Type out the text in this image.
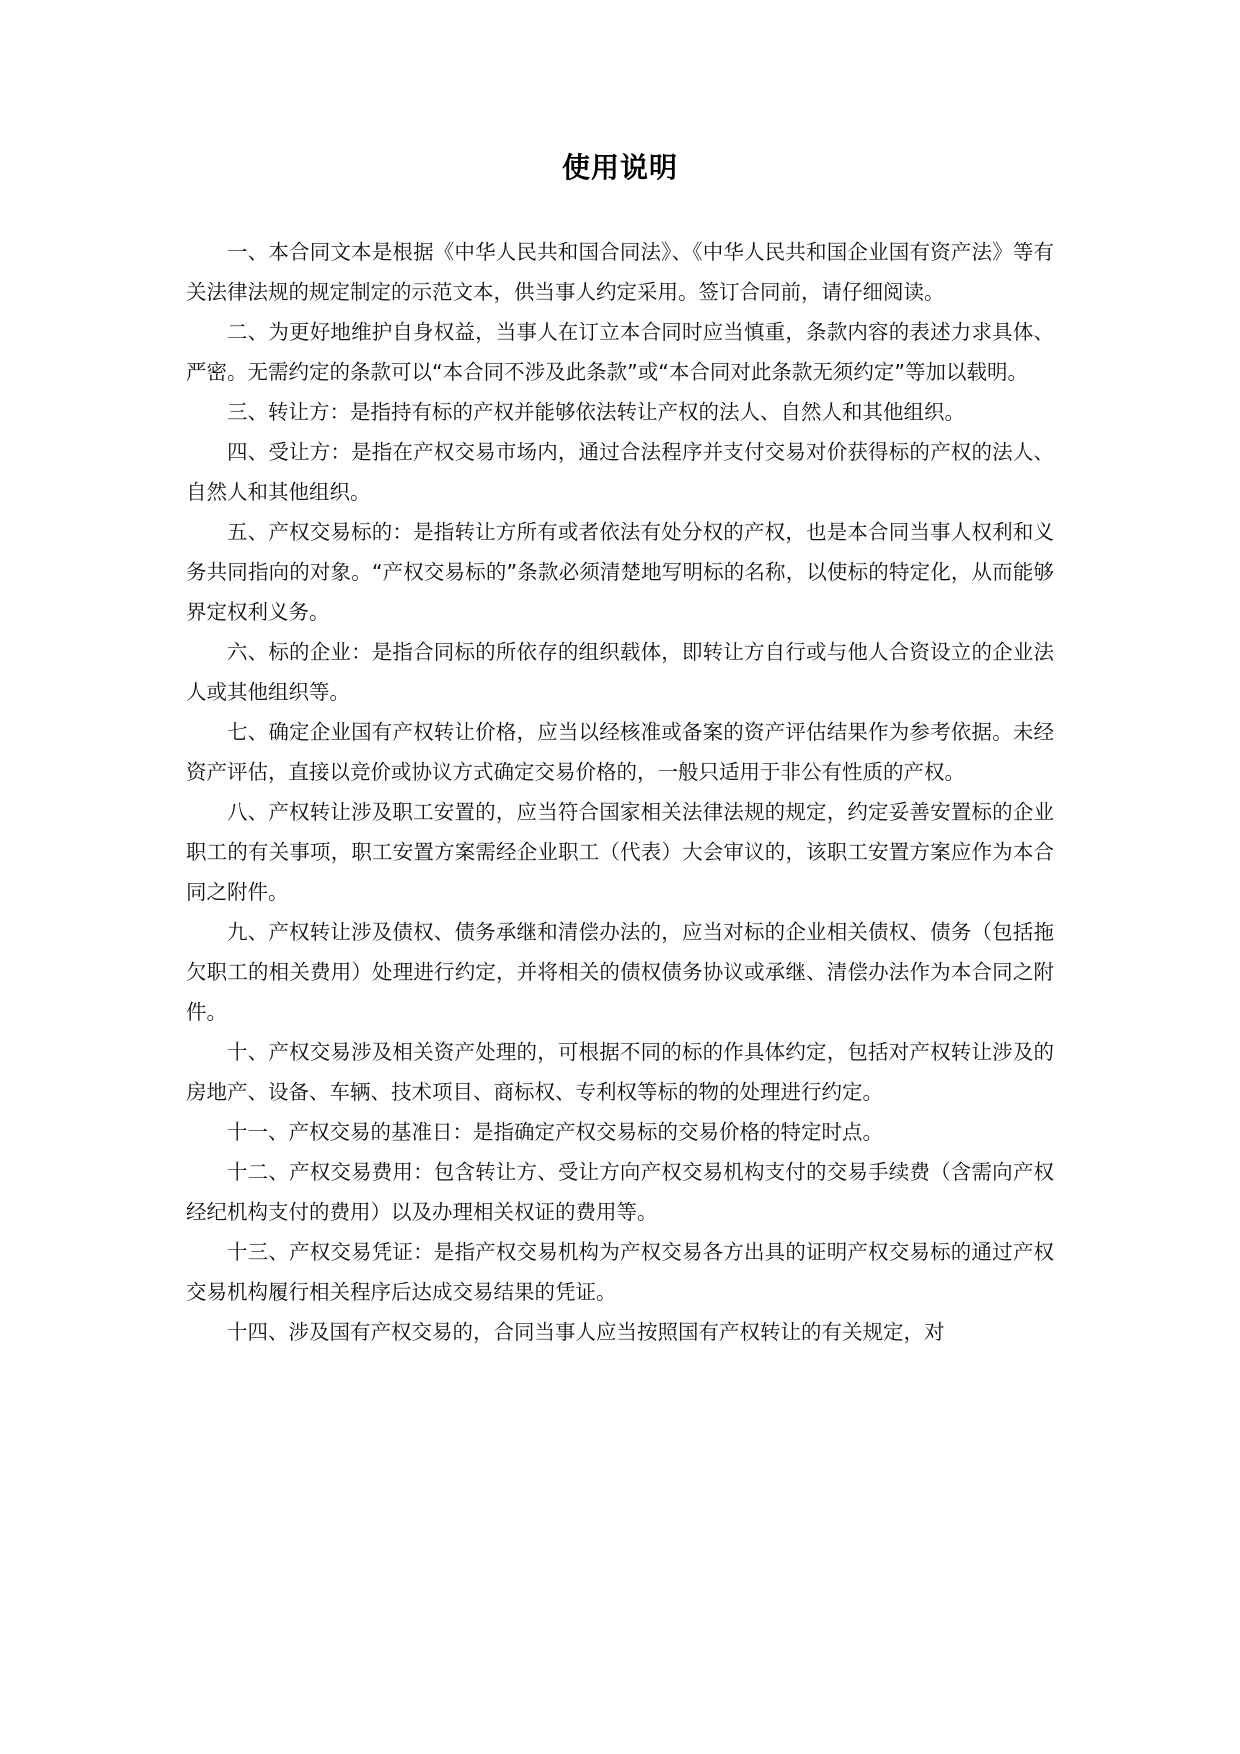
使用说明

一、本合同文本是根据《中华人民共和国合同法》、《中华人民共和国企业国有资产法》等有关法律法规的规定制定的示范文本，供当事人约定采用。签订合同前，请仔细阅读。

二、为更好地维护自身权益，当事人在订立本合同时应当慎重，条款内容的表述力求具体、严密。无需约定的条款可以“本合同不涉及此条款”或“本合同对此条款无须约定”等加以载明。

三、转让方：是指持有标的产权并能够依法转让产权的法人、自然人和其他组织。

四、受让方：是指在产权交易市场内，通过合法程序并支付交易对价获得标的产权的法人、自然人和其他组织。

五、产权交易标的：是指转让方所有或者依法有处分权的产权，也是本合同当事人权利和义务共同指向的对象。“产权交易标的”条款必须清楚地写明标的名称，以使标的特定化，从而能够界定权利义务。

六、标的企业：是指合同标的所依存的组织载体，即转让方自行或与他人合资设立的企业法人或其他组织等。

七、确定企业国有产权转让价格，应当以经核准或备案的资产评估结果作为参考依据。未经资产评估，直接以竞价或协议方式确定交易价格的，一般只适用于非公有性质的产权。

八、产权转让涉及职工安置的，应当符合国家相关法律法规的规定，约定妥善安置标的企业职工的有关事项，职工安置方案需经企业职工（代表）大会审议的，该职工安置方案应作为本合同之附件。

九、产权转让涉及债权、债务承继和清偿办法的，应当对标的企业相关债权、债务（包括拖欠职工的相关费用）处理进行约定，并将相关的债权债务协议或承继、清偿办法作为本合同之附件。

十、产权交易涉及相关资产处理的，可根据不同的标的作具体约定，包括对产权转让涉及的房地产、设备、车辆、技术项目、商标权、专利权等标的物的处理进行约定。

十一、产权交易的基准日：是指确定产权交易标的交易价格的特定时点。

十二、产权交易费用：包含转让方、受让方向产权交易机构支付的交易手续费（含需向产权经纪机构支付的费用）以及办理相关权证的费用等。

十三、产权交易凭证：是指产权交易机构为产权交易各方出具的证明产权交易标的通过产权交易机构履行相关程序后达成交易结果的凭证。

十四、涉及国有产权交易的，合同当事人应当按照国有产权转让的有关规定，对
